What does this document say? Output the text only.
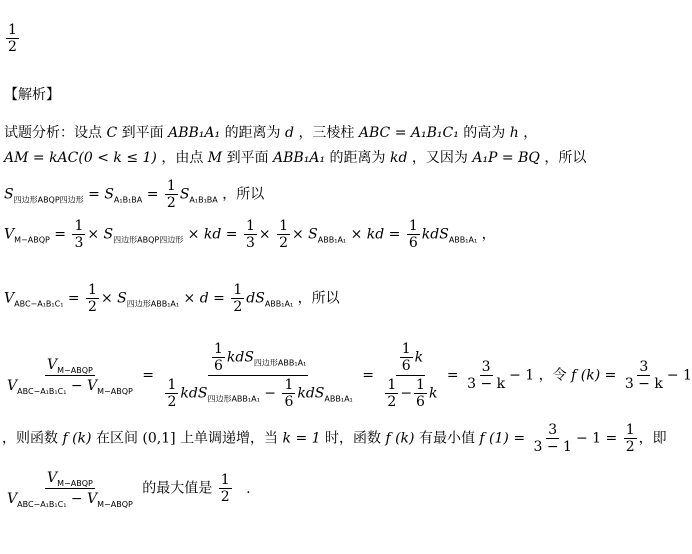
$\frac{1}{2}$
【解析】
试题分析：设点 C 到平面 ABB₁A₁ 的距离为 d ，三棱柱 ABC = A₁B₁C₁ 的高为 h ，
AM = kAC(0 < k ≤ 1) ，由点 M 到平面 ABB₁A₁ 的距离为 kd ，又因为 A₁P = BQ ，所以
$S_{四边形ABQP四边形} = S_{A_1B_1BA} = \frac{1}{2} S_{A_1B_1BA}$ ，所以
$V_{M-ABQP} = \frac{1}{3} \times S_{四边形ABQP四边形}$ × kd = $\frac{1}{3} \times \frac{1}{2} \times S_{ABB_1A_1}$ × kd = $\frac{1}{6} kdS_{ABB_1A_1}$ ，
$V_{ABC-A_1B_1C_1} = \frac{1}{2} \times S_{四边形ABB_1A_1} \times d = \frac{1}{2} dS_{ABB_1A_1}$ ，所以
$V_{M-ABQP}$
$V_{ABC-A_1B_1C_1} - V_{M-ABQP}$
=
$\frac{1}{6} kdS_{四边形ABB_1A_1}$
$\frac{1}{2} kdS_{四边形ABB_1A_1} - \frac{1}{6} kdS_{ABB_1A_1}$
= $\frac{\frac{1}{6} k}{\frac{1}{2} - \frac{1}{6} k} = \frac{3}{3 - k} - 1$ ，令 f $(k) = \frac{3}{3 - k} - 1$
，则函数 f (k) 在区间 (0,1] 上单调递增，当 k = 1 时，函数 f (k) 有最小值 f $(1) = \frac{3}{3 - 1} - 1 = \frac{1}{2}$ ，即
$V_{M-ABQP}$
$V_{ABC-A_1B_1C_1} - V_{M-ABQP}$
的最大值是 $\frac{1}{2}$ .
